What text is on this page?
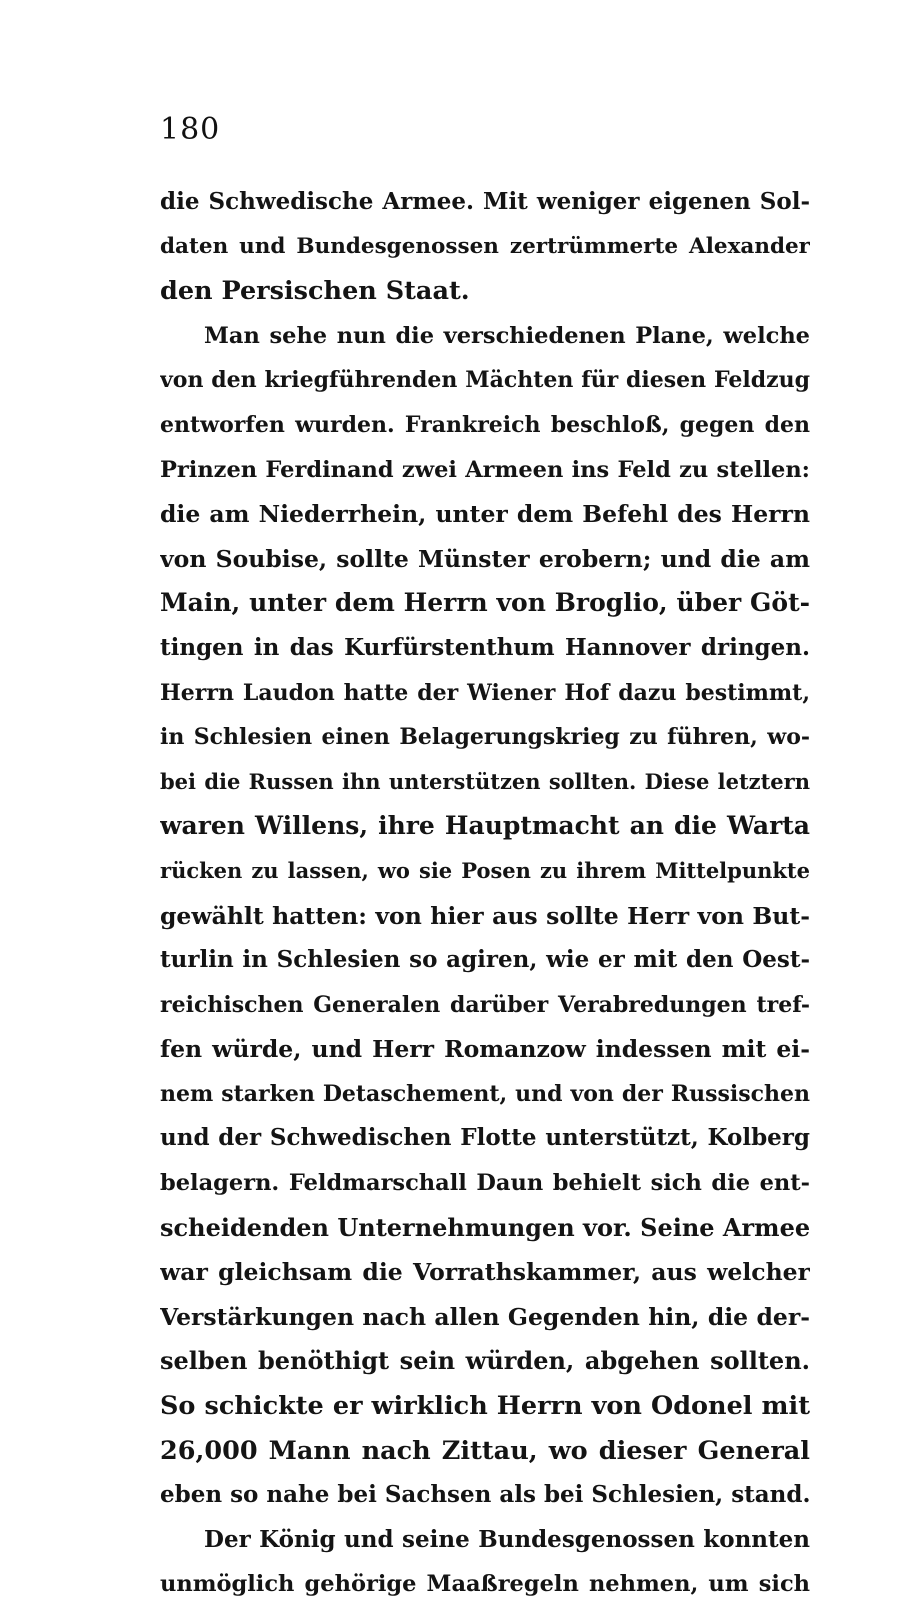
180
die Schwedische Armee. Mit weniger eigenen Sol-
daten und Bundesgenossen zertrümmerte Alexander
den Persischen Staat.
Man sehe nun die verschiedenen Plane, welche
von den kriegführenden Mächten für diesen Feldzug
entworfen wurden. Frankreich beschloß, gegen den
Prinzen Ferdinand zwei Armeen ins Feld zu stellen:
die am Niederrhein, unter dem Befehl des Herrn
von Soubise, sollte Münster erobern; und die am
Main, unter dem Herrn von Broglio, über Göt-
tingen in das Kurfürstenthum Hannover dringen.
Herrn Laudon hatte der Wiener Hof dazu bestimmt,
in Schlesien einen Belagerungskrieg zu führen, wo-
bei die Russen ihn unterstützen sollten. Diese letztern
waren Willens, ihre Hauptmacht an die Warta
rücken zu lassen, wo sie Posen zu ihrem Mittelpunkte
gewählt hatten: von hier aus sollte Herr von But-
turlin in Schlesien so agiren, wie er mit den Oest-
reichischen Generalen darüber Verabredungen tref-
fen würde, und Herr Romanzow indessen mit ei-
nem starken Detaschement, und von der Russischen
und der Schwedischen Flotte unterstützt, Kolberg
belagern. Feldmarschall Daun behielt sich die ent-
scheidenden Unternehmungen vor. Seine Armee
war gleichsam die Vorrathskammer, aus welcher
Verstärkungen nach allen Gegenden hin, die der-
selben benöthigt sein würden, abgehen sollten.
So schickte er wirklich Herrn von Odonel mit
26,000 Mann nach Zittau, wo dieser General
eben so nahe bei Sachsen als bei Schlesien, stand.
Der König und seine Bundesgenossen konnten
unmöglich gehörige Maaßregeln nehmen, um sich
